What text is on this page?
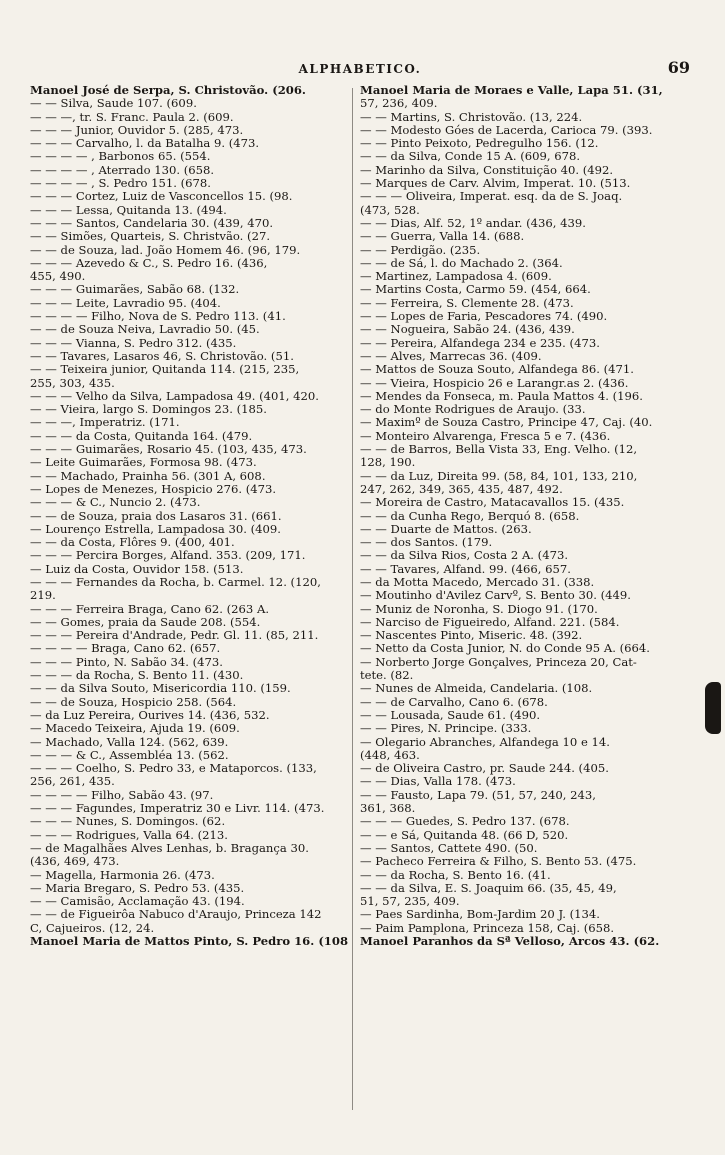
ALPHABETICO.	69
Manoel José de Serpa, S. Christovão. (206.
— — Silva, Saude 107. (609.
— — —, tr. S. Franc. Paula 2. (609.
— — — Junior, Ouvidor 5. (285, 473.
— — — Carvalho, l. da Batalha 9. (473.
— — — — , Barbonos 65. (554.
— — — — , Aterrado 130. (658.
— — — — , S. Pedro 151. (678.
— — — Cortez, Luiz de Vasconcellos 15. (98.
— — — Lessa, Quitanda 13. (494.
— — — Santos, Candelaria 30. (439, 470.
— — Simões, Quarteis, S. Christvão. (27.
— — de Souza, lad. João Homem 46. (96, 179.
— — — Azevedo & C., S. Pedro 16. (436,
455, 490.
— — — Guimarães, Sabão 68. (132.
— — — Leite, Lavradio 95. (404.
— — — — Filho, Nova de S. Pedro 113. (41.
— — de Souza Neiva, Lavradio 50. (45.
— — — Vianna, S. Pedro 312. (435.
— — Tavares, Lasaros 46, S. Christovão. (51.
— — Teixeira junior, Quitanda 114. (215, 235,
255, 303, 435.
— — — Velho da Silva, Lampadosa 49. (401, 420.
— — Vieira, largo S. Domingos 23. (185.
— — —, Imperatriz. (171.
— — — da Costa, Quitanda 164. (479.
— — — Guimarães, Rosario 45. (103, 435, 473.
— Leite Guimarães, Formosa 98. (473.
— — Machado, Prainha 56. (301 A, 608.
— Lopes de Menezes, Hospicio 276. (473.
— — — & C., Nuncio 2. (473.
— — de Souza, praia dos Lasaros 31. (661.
— Lourenço Estrella, Lampadosa 30. (409.
— — da Costa, Flôres 9. (400, 401.
— — — Percira Borges, Alfand. 353. (209, 171.
— Luiz da Costa, Ouvidor 158. (513.
— — — Fernandes da Rocha, b. Carmel. 12. (120,
219.
— — — Ferreira Braga, Cano 62. (263 A.
— — Gomes, praia da Saude 208. (554.
— — — Pereira d'Andrade, Pedr. Gl. 11. (85, 211.
— — — — Braga, Cano 62. (657.
— — — Pinto, N. Sabão 34. (473.
— — — da Rocha, S. Bento 11. (430.
— — da Silva Souto, Misericordia 110. (159.
— — de Souza, Hospicio 258. (564.
— da Luz Pereira, Ourives 14. (436, 532.
— Macedo Teixeira, Ajuda 19. (609.
— Machado, Valla 124. (562, 639.
— — — & C., Assembléa 13. (562.
— — — Coelho, S. Pedro 33, e Mataporcos. (133,
256, 261, 435.
— — — — Filho, Sabão 43. (97.
— — — Fagundes, Imperatriz 30 e Livr. 114. (473.
— — — Nunes, S. Domingos. (62.
— — — Rodrigues, Valla 64. (213.
— de Magalhães Alves Lenhas, b. Bragança 30.
(436, 469, 473.
— Magella, Harmonia 26. (473.
— Maria Bregaro, S. Pedro 53. (435.
— — Camisão, Acclamação 43. (194.
— — de Figueirôa Nabuco d'Araujo, Princeza 142
C, Cajueiros. (12, 24.
Manoel Maria de Mattos Pinto, S. Pedro 16. (108
Manoel Maria de Moraes e Valle, Lapa 51. (31,
57, 236, 409.
— — Martins, S. Christovão. (13, 224.
— — Modesto Góes de Lacerda, Carioca 79. (393.
— — Pinto Peixoto, Pedregulho 156. (12.
— — da Silva, Conde 15 A. (609, 678.
— Marinho da Silva, Constituição 40. (492.
— Marques de Carv. Alvim, Imperat. 10. (513.
— — — Oliveira, Imperat. esq. da de S. Joaq.
(473, 528.
— — Dias, Alf. 52, 1º andar. (436, 439.
— — Guerra, Valla 14. (688.
— — Perdigão. (235.
— — de Sá, l. do Machado 2. (364.
— Martinez, Lampadosa 4. (609.
— Martins Costa, Carmo 59. (454, 664.
— — Ferreira, S. Clemente 28. (473.
— — Lopes de Faria, Pescadores 74. (490.
— — Nogueira, Sabão 24. (436, 439.
— — Pereira, Alfandega 234 e 235. (473.
— — Alves, Marrecas 36. (409.
— Mattos de Souza Souto, Alfandega 86. (471.
— — Vieira, Hospicio 26 e Larangr.as 2. (436.
— Mendes da Fonseca, m. Paula Mattos 4. (196.
— do Monte Rodrigues de Araujo. (33.
— Maximº de Souza Castro, Principe 47, Caj. (40.
— Monteiro Alvarenga, Fresca 5 e 7. (436.
— — de Barros, Bella Vista 33, Eng. Velho. (12,
128, 190.
— — da Luz, Direita 99. (58, 84, 101, 133, 210,
247, 262, 349, 365, 435, 487, 492.
— Moreira de Castro, Matacavallos 15. (435.
— — da Cunha Rego, Berquó 8. (658.
— — Duarte de Mattos. (263.
— — dos Santos. (179.
— — da Silva Rios, Costa 2 A. (473.
— — Tavares, Alfand. 99. (466, 657.
— da Motta Macedo, Mercado 31. (338.
— Moutinho d'Avilez Carvº, S. Bento 30. (449.
— Muniz de Noronha, S. Diogo 91. (170.
— Narciso de Figueiredo, Alfand. 221. (584.
— Nascentes Pinto, Miseric. 48. (392.
— Netto da Costa Junior, N. do Conde 95 A. (664.
— Norberto Jorge Gonçalves, Princeza 20, Cat-
tete. (82.
— Nunes de Almeida, Candelaria. (108.
— — de Carvalho, Cano 6. (678.
— — Lousada, Saude 61. (490.
— — Pires, N. Principe. (333.
— Olegario Abranches, Alfandega 10 e 14.
(448, 463.
— de Oliveira Castro, pr. Saude 244. (405.
— — Dias, Valla 178. (473.
— — Fausto, Lapa 79. (51, 57, 240, 243,
361, 368.
— — — Guedes, S. Pedro 137. (678.
— — e Sá, Quitanda 48. (66 D, 520.
— — Santos, Cattete 490. (50.
— Pacheco Ferreira & Filho, S. Bento 53. (475.
— — da Rocha, S. Bento 16. (41.
— — da Silva, E. S. Joaquim 66. (35, 45, 49,
51, 57, 235, 409.
— Paes Sardinha, Bom-Jardim 20 J. (134.
— Paim Pamplona, Princeza 158, Caj. (658.
Manoel Paranhos da Sª Velloso, Arcos 43. (62.
